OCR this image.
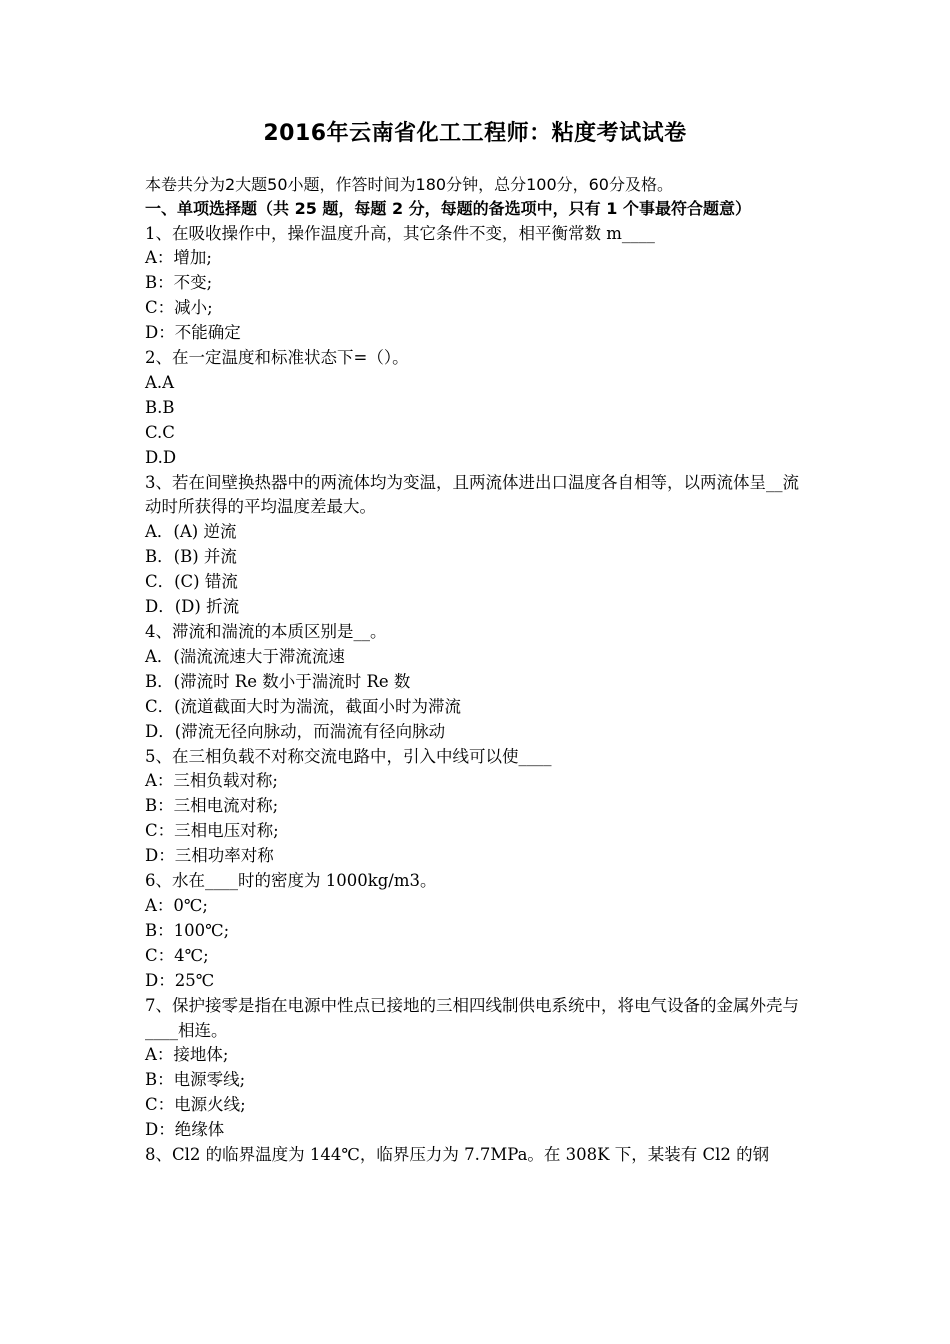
2016年云南省化工工程师：粘度考试试卷
本卷共分为2大题50小题，作答时间为180分钟，总分100分，60分及格。
一、单项选择题（共 25 题，每题 2 分，每题的备选项中，只有 1 个事最符合题意）
1、在吸收操作中，操作温度升高，其它条件不变，相平衡常数 m____
A：增加;
B：不变;
C：减小;
D：不能确定
2、在一定温度和标准状态下=（）。
A.A
B.B
C.C
D.D
3、若在间壁换热器中的两流体均为变温，且两流体进出口温度各自相等，以两流体呈__流动时所获得的平均温度差最大。
A．(A) 逆流
B．(B) 并流
C．(C) 错流
D．(D) 折流
4、滞流和湍流的本质区别是__。
A．(湍流流速大于滞流流速
B．(滞流时 Re 数小于湍流时 Re 数
C．(流道截面大时为湍流，截面小时为滞流
D．(滞流无径向脉动，而湍流有径向脉动
5、在三相负载不对称交流电路中，引入中线可以使____
A：三相负载对称;
B：三相电流对称;
C：三相电压对称;
D：三相功率对称
6、水在____时的密度为 1000kg/m3。
A：0℃;
B：100℃;
C：4℃;
D：25℃
7、保护接零是指在电源中性点已接地的三相四线制供电系统中，将电气设备的金属外壳与____相连。
A：接地体;
B：电源零线;
C：电源火线;
D：绝缘体
8、Cl2 的临界温度为 144℃，临界压力为 7.7MPa。在 308K 下，某装有 Cl2 的钢
